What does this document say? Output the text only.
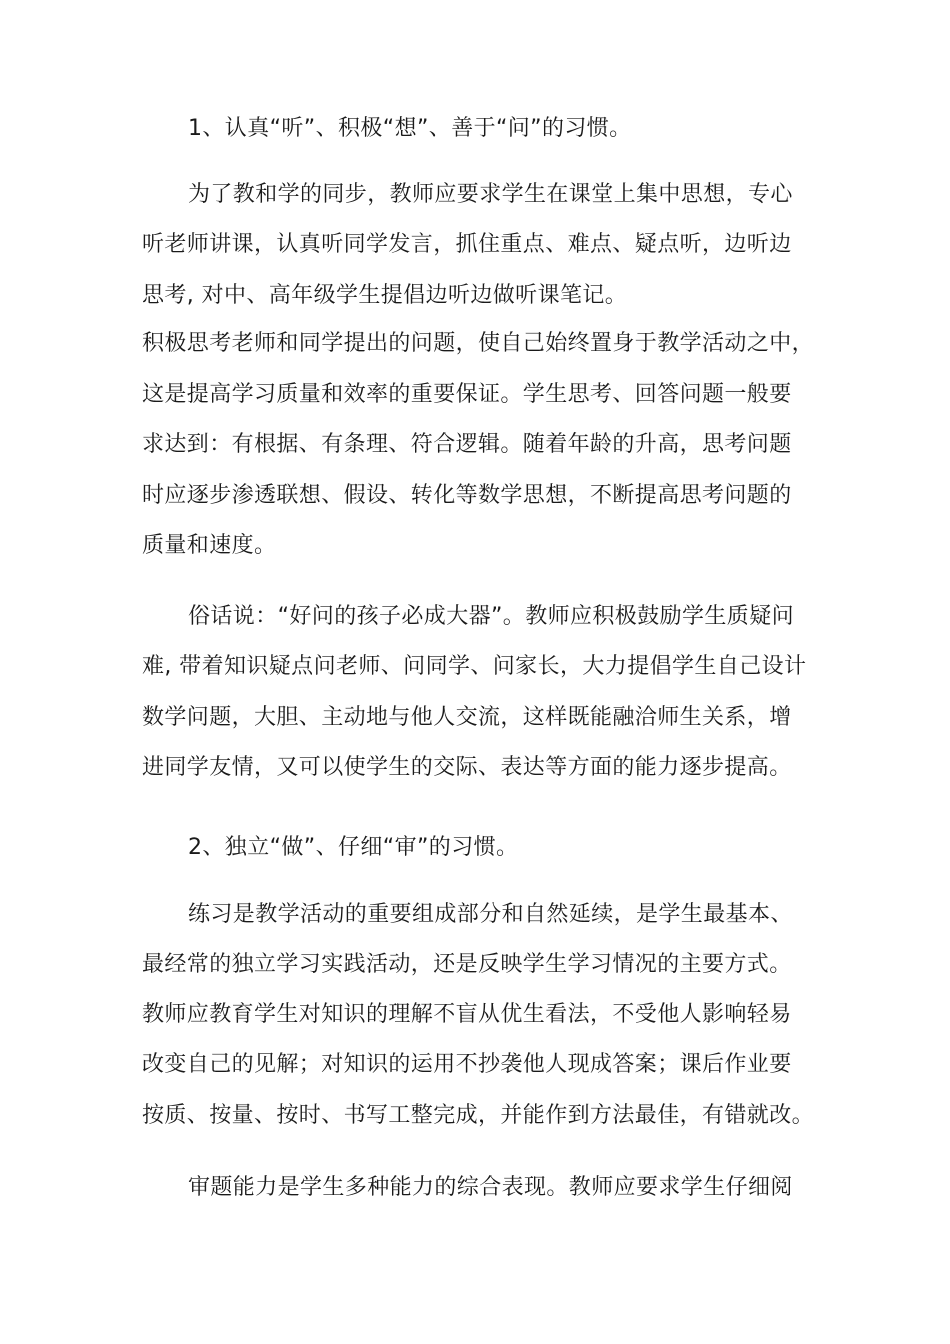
1、认真“听”、积极“想”、善于“问”的习惯。
为了教和学的同步，教师应要求学生在课堂上集中思想，专心
听老师讲课，认真听同学发言，抓住重点、难点、疑点听，边听边
思考, 对中、高年级学生提倡边听边做听课笔记。
积极思考老师和同学提出的问题，使自己始终置身于教学活动之中，
这是提高学习质量和效率的重要保证。学生思考、回答问题一般要
求达到：有根据、有条理、符合逻辑。随着年龄的升高，思考问题
时应逐步渗透联想、假设、转化等数学思想，不断提高思考问题的
质量和速度。
俗话说：“好问的孩子必成大器”。教师应积极鼓励学生质疑问
难, 带着知识疑点问老师、问同学、问家长，大力提倡学生自己设计
数学问题，大胆、主动地与他人交流，这样既能融洽师生关系，增
进同学友情，又可以使学生的交际、表达等方面的能力逐步提高。
2、独立“做”、仔细“审”的习惯。
练习是教学活动的重要组成部分和自然延续，是学生最基本、
最经常的独立学习实践活动，还是反映学生学习情况的主要方式。
教师应教育学生对知识的理解不盲从优生看法，不受他人影响轻易
改变自己的见解；对知识的运用不抄袭他人现成答案；课后作业要
按质、按量、按时、书写工整完成，并能作到方法最佳，有错就改。
审题能力是学生多种能力的综合表现。教师应要求学生仔细阅
